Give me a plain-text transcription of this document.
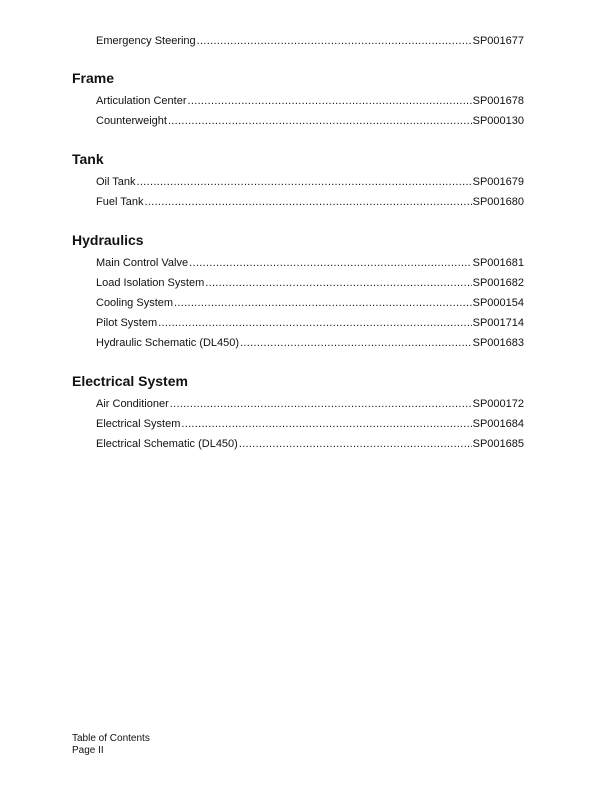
Emergency Steering .....	SP001677
Frame
Articulation Center .....	SP001678
Counterweight .....	SP000130
Tank
Oil Tank .....	SP001679
Fuel Tank .....	SP001680
Hydraulics
Main Control Valve .....	SP001681
Load Isolation System .....	SP001682
Cooling System .....	SP000154
Pilot System .....	SP001714
Hydraulic Schematic (DL450) .....	SP001683
Electrical System
Air Conditioner .....	SP000172
Electrical System .....	SP001684
Electrical Schematic (DL450) .....	SP001685
Table of Contents
Page II
